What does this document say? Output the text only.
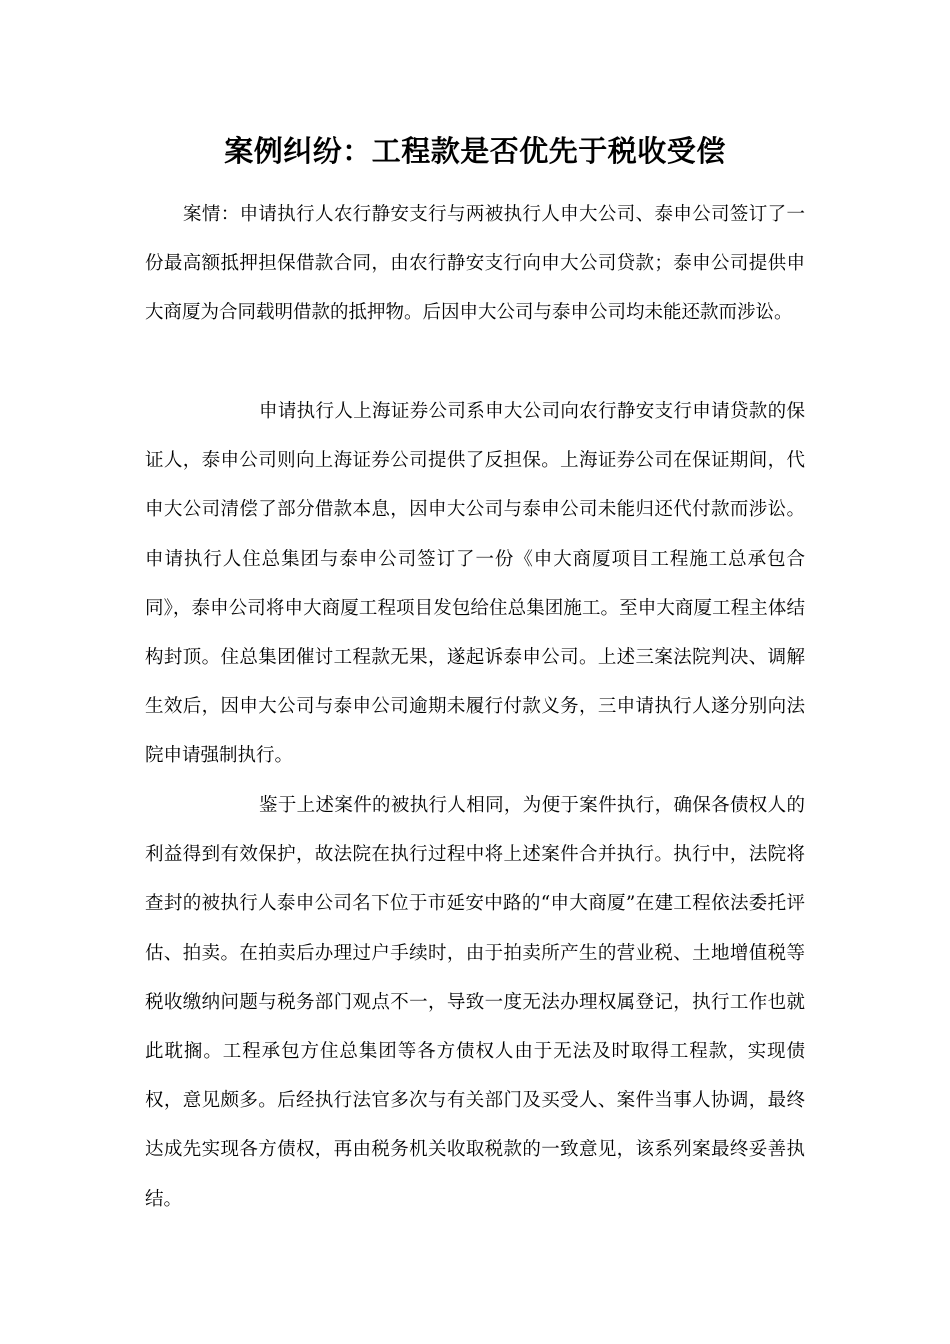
案例纠纷：工程款是否优先于税收受偿

案情：申请执行人农行静安支行与两被执行人申大公司、泰申公司签订了一份最高额抵押担保借款合同，由农行静安支行向申大公司贷款；泰申公司提供申大商厦为合同载明借款的抵押物。后因申大公司与泰申公司均未能还款而涉讼。

申请执行人上海证券公司系申大公司向农行静安支行申请贷款的保证人，泰申公司则向上海证券公司提供了反担保。上海证券公司在保证期间，代申大公司清偿了部分借款本息，因申大公司与泰申公司未能归还代付款而涉讼。申请执行人住总集团与泰申公司签订了一份《申大商厦项目工程施工总承包合同》，泰申公司将申大商厦工程项目发包给住总集团施工。至申大商厦工程主体结构封顶。住总集团催讨工程款无果，遂起诉泰申公司。上述三案法院判决、调解生效后，因申大公司与泰申公司逾期未履行付款义务，三申请执行人遂分别向法院申请强制执行。

鉴于上述案件的被执行人相同，为便于案件执行，确保各债权人的利益得到有效保护，故法院在执行过程中将上述案件合并执行。执行中，法院将查封的被执行人泰申公司名下位于市延安中路的“申大商厦”在建工程依法委托评估、拍卖。在拍卖后办理过户手续时，由于拍卖所产生的营业税、土地增值税等税收缴纳问题与税务部门观点不一，导致一度无法办理权属登记，执行工作也就此耽搁。工程承包方住总集团等各方债权人由于无法及时取得工程款，实现债权，意见颇多。后经执行法官多次与有关部门及买受人、案件当事人协调，最终达成先实现各方债权，再由税务机关收取税款的一致意见，该系列案最终妥善执结。
